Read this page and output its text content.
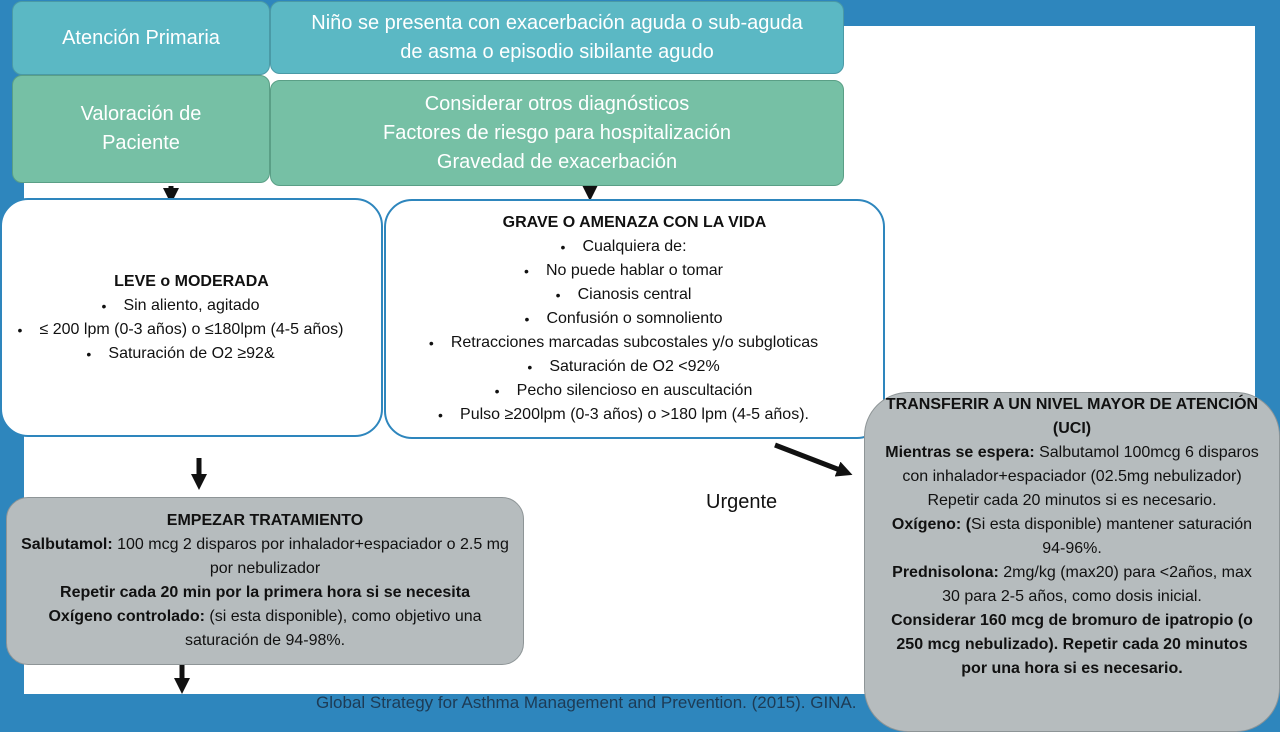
Atención Primaria
Niño se presenta con exacerbación aguda o sub-aguda
de asma o episodio sibilante agudo
Valoración de
Paciente
Considerar otros diagnósticos
Factores de riesgo para hospitalización
Gravedad de exacerbación
LEVE o MODERADA
• Sin aliento, agitado
• ≤ 200 lpm (0-3 años) o ≤180lpm (4-5 años)
• Saturación de O2 ≥92&
GRAVE O AMENAZA CON LA VIDA
• Cualquiera de:
• No puede hablar o tomar
• Cianosis central
• Confusión o somnoliento
• Retracciones marcadas subcostales y/o subgloticas
• Saturación de O2 <92%
• Pecho silencioso en auscultación
• Pulso ≥200lpm (0-3 años) o >180 lpm (4-5 años).
EMPEZAR TRATAMIENTO
Salbutamol: 100 mcg 2 disparos por inhalador+espaciador o 2.5 mg por nebulizador
Repetir cada 20 min por la primera hora si se necesita
Oxígeno controlado: (si esta disponible), como objetivo una saturación de 94-98%.
Urgente
TRANSFERIR A UN NIVEL MAYOR DE ATENCIÓN (UCI)
Mientras se espera: Salbutamol 100mcg 6 disparos con inhalador+espaciador (02.5mg nebulizador) Repetir cada 20 minutos si es necesario.
Oxígeno: (Si esta disponible) mantener saturación 94-96%.
Prednisolona: 2mg/kg (max20) para <2años, max 30 para 2-5 años, como dosis inicial.
Considerar 160 mcg de bromuro de ipatropio (o 250 mcg nebulizado). Repetir cada 20 minutos por una hora si es necesario.
Global Strategy for Asthma Management and Prevention. (2015). GINA.
